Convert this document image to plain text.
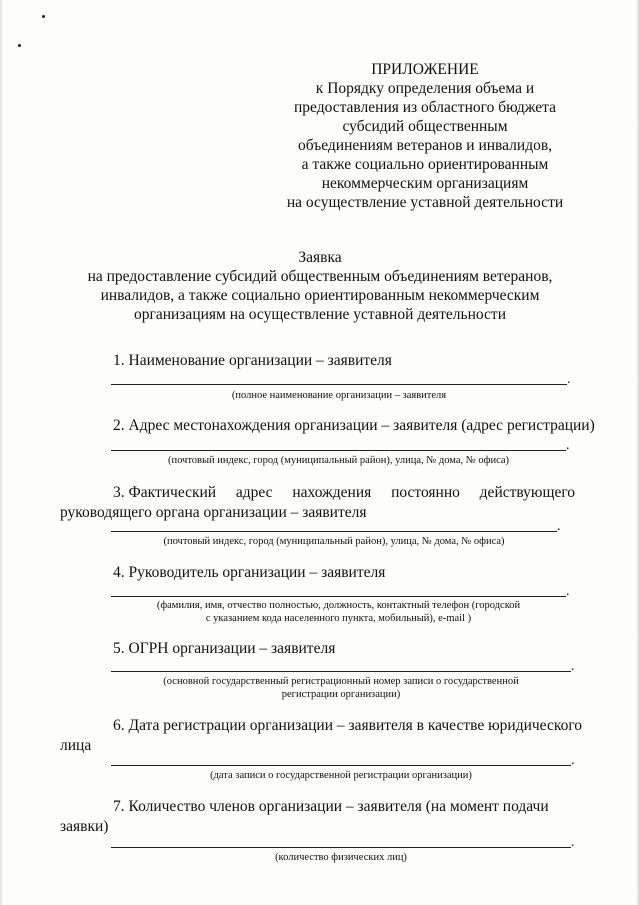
ПРИЛОЖЕНИЕ
к Порядку определения объема и
предоставления из областного бюджета
субсидий общественным
объединениям ветеранов и инвалидов,
а также социально ориентированным
некоммерческим организациям
на осуществление уставной деятельности
Заявка
на предоставление субсидий общественным объединениям ветеранов,
инвалидов, а также социально ориентированным некоммерческим
организациям на осуществление уставной деятельности
1. Наименование организации – заявителя
.
(полное наименование организации – заявителя
2. Адрес местонахождения организации – заявителя (адрес регистрации)
.
(почтовый индекс, город (муниципальный район), улица, № дома, № офиса)
3. Фактический адрес нахождения постоянно действующего
руководящего органа организации – заявителя
.
(почтовый индекс, город (муниципальный район), улица, № дома, № офиса)
4. Руководитель организации – заявителя
.
(фамилия, имя, отчество полностью, должность, контактный телефон (городской
с указанием кода населенного пункта, мобильный), e-mail )
5. ОГРН организации – заявителя
.
(основной государственный регистрационный номер записи о государственной
регистрации организации)
6. Дата регистрации организации – заявителя в качестве юридического
лица
.
(дата записи о государственной регистрации организации)
7. Количество членов организации – заявителя (на момент подачи
заявки)
.
(количество физических лиц)
